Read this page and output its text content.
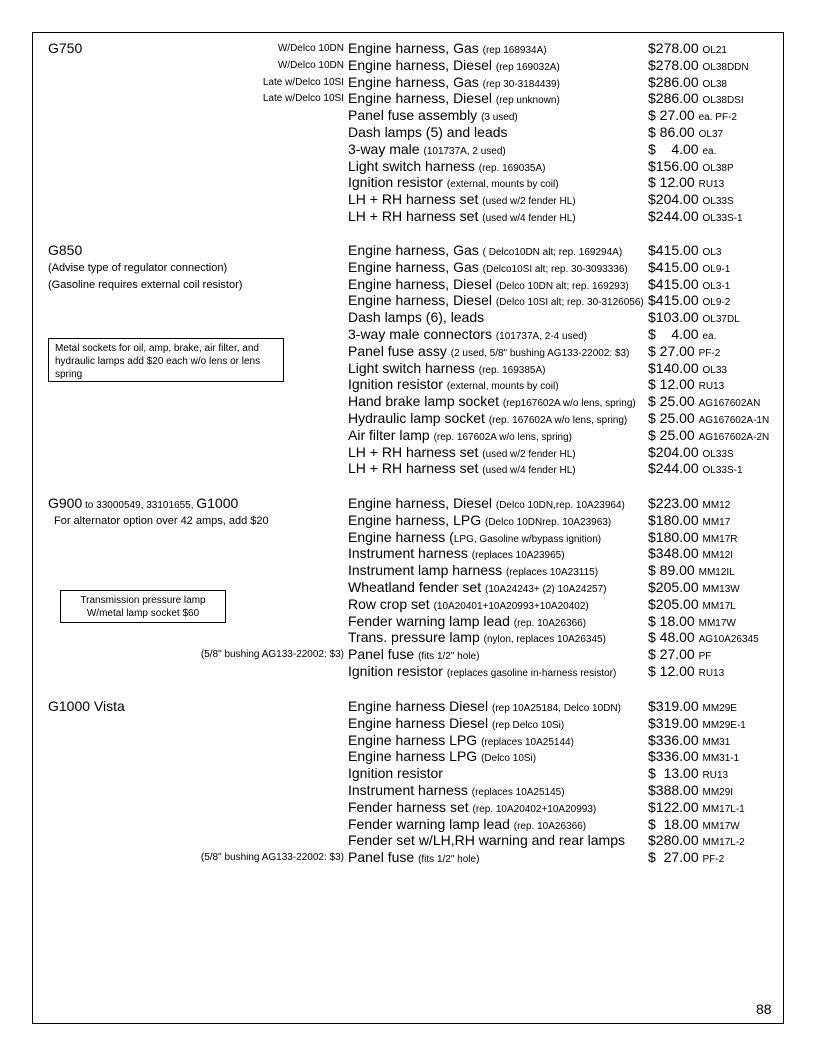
G750	W/Delco 10DN Engine harness, Gas (rep 168934A)	$278.00 OL21
W/Delco 10DN Engine harness, Diesel (rep 169032A)	$278.00 OL38DDN
Late w/Delco 10SI Engine harness, Gas (rep 30-3184439)	$286.00 OL38
Late w/Delco 10SI Engine harness, Diesel (rep unknown)	$286.00 OL38DSI
Panel fuse assembly (3 used)	$ 27.00 ea. PF-2
Dash lamps (5) and leads	$ 86.00 OL37
3-way male (101737A, 2 used)	$    4.00 ea.
Light switch harness (rep. 169035A)	$156.00 OL38P
Ignition resistor (external, mounts by coil)	$ 12.00 RU13
LH + RH harness set (used w/2 fender HL)	$204.00 OL33S
LH + RH harness set (used w/4 fender HL)	$244.00 OL33S-1
G850
(Advise type of regulator connection)
(Gasoline requires external coil resistor)
Metal sockets for oil, amp, brake, air filter, and hydraulic lamps add $20 each w/o lens or lens spring
Engine harness, Gas ( Delco10DN alt; rep. 169294A) $415.00 OL3
Engine harness, Gas (Delco10SI alt; rep. 30-3093336) $415.00 OL9-1
Engine harness, Diesel (Delco 10DN alt; rep. 169293) $415.00 OL3-1
Engine harness, Diesel (Delco 10SI alt; rep. 30-3126056) $415.00 OL9-2
Dash lamps (6), leads	$103.00 OL37DL
3-way male connectors (101737A, 2-4 used)	$    4.00 ea.
Panel fuse assy (2 used, 5/8" bushing AG133-22002: $3) $ 27.00 PF-2
Light switch harness (rep. 169385A)	$140.00 OL33
Ignition resistor (external, mounts by coil)	$ 12.00 RU13
Hand brake lamp socket (rep167602A w/o lens, spring) $ 25.00 AG167602AN
Hydraulic lamp socket (rep. 167602A w/o lens, spring) $ 25.00 AG167602A-1N
Air filter lamp (rep. 167602A w/o lens, spring)	$ 25.00 AG167602A-2N
LH + RH harness set (used w/2 fender HL)	$204.00 OL33S
LH + RH harness set (used w/4 fender HL)	$244.00 OL33S-1
G900 to 33000549, 33101655, G1000
For alternator option over 42 amps, add $20
Transmission pressure lamp W/metal lamp socket $60
Engine harness, Diesel (Delco 10DN,rep. 10A23964) $223.00 MM12
Engine harness, LPG (Delco 10DNrep. 10A23963)	$180.00 MM17
Engine harness (LPG, Gasoline w/bypass ignition)	$180.00 MM17R
Instrument harness (replaces 10A23965)	$348.00 MM12I
Instrument lamp harness (replaces 10A23115)	$ 89.00 MM12IL
Wheatland fender set (10A24243+ (2) 10A24257)	$205.00 MM13W
Row crop set (10A20401+10A20993+10A20402)	$205.00 MM17L
Fender warning lamp lead (rep. 10A26366)	$ 18.00 MM17W
Trans. pressure lamp (nylon, replaces 10A26345)	$ 48.00 AG10A26345
(5/8" bushing AG133-22002: $3) Panel fuse (fits 1/2" hole)	$ 27.00 PF
Ignition resistor (replaces gasoline in-harness resistor) $ 12.00 RU13
G1000 Vista	Engine harness Diesel (rep 10A25184, Delco 10DN) $319.00 MM29E
Engine harness Diesel (rep Delco 10Si)	$319.00 MM29E-1
Engine harness LPG (replaces 10A25144)	$336.00 MM31
Engine harness LPG (Delco 10Si)	$336.00 MM31-1
Ignition resistor	$  13.00 RU13
Instrument harness (replaces 10A25145)	$388.00 MM29I
Fender harness set (rep. 10A20402+10A20993)	$122.00 MM17L-1
Fender warning lamp lead (rep. 10A26366)	$  18.00 MM17W
Fender set w/LH,RH warning and rear lamps $280.00 MM17L-2
(5/8" bushing AG133-22002: $3) Panel fuse (fits 1/2" hole)	$  27.00 PF-2
88
